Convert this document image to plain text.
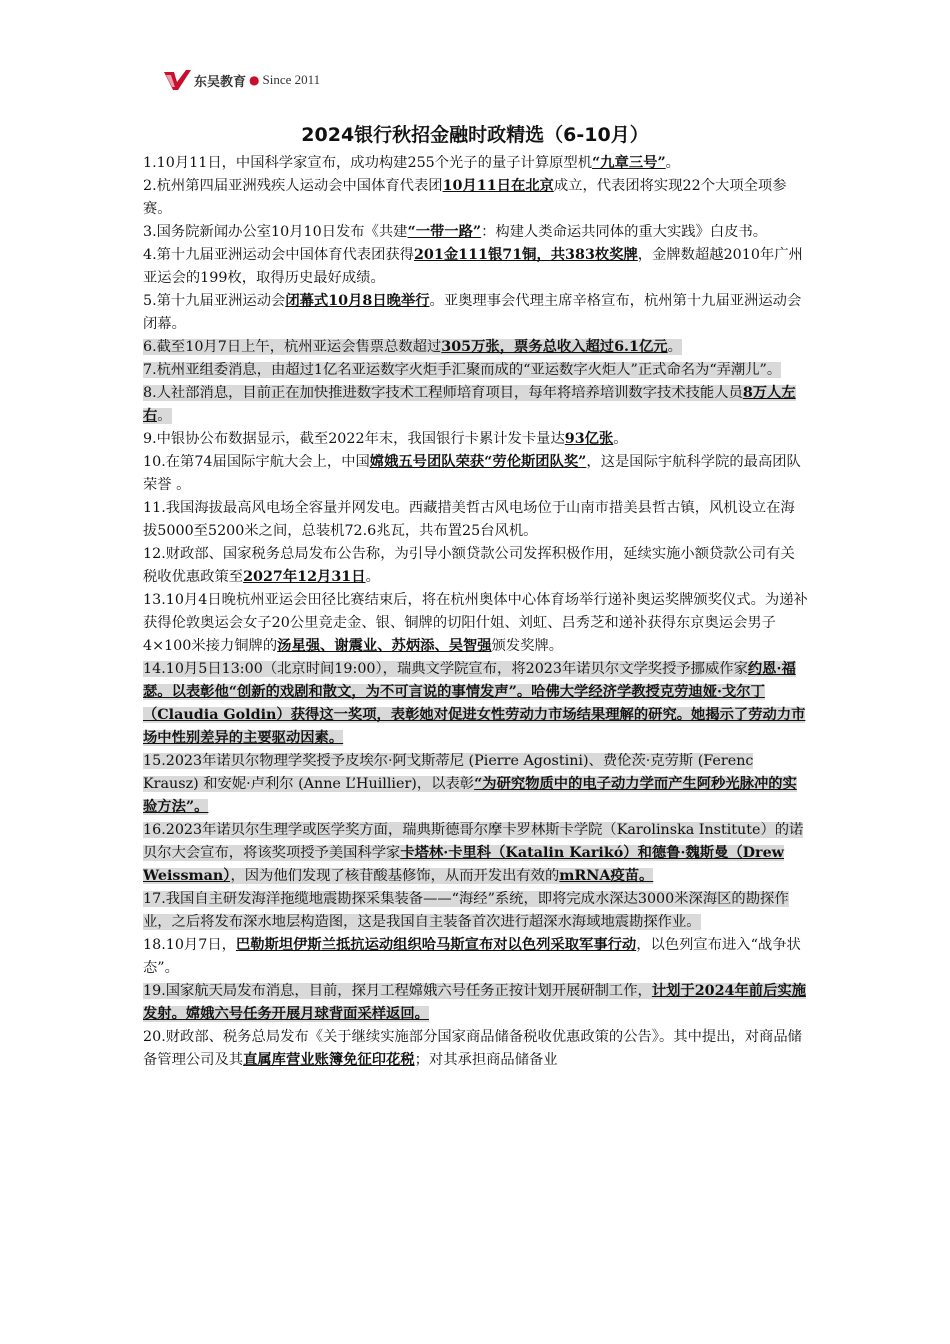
东吴教育 ● Since 2011
2024银行秋招金融时政精选（6-10月）
1.10月11日，中国科学家宣布，成功构建255个光子的量子计算原型机“九章三号”。
2.杭州第四届亚洲残疾人运动会中国体育代表团10月11日在北京成立，代表团将实现22个大项全项参赛。
3.国务院新闻办公室10月10日发布《共建“一带一路”：构建人类命运共同体的重大实践》白皮书。
4.第十九届亚洲运动会中国体育代表团获得201金111银71铜，共383枚奖牌，金牌数超越2010年广州亚运会的199枚，取得历史最好成绩。
5.第十九届亚洲运动会闭幕式10月8日晚举行。亚奥理事会代理主席辛格宣布，杭州第十九届亚洲运动会闭幕。
6.截至10月7日上午，杭州亚运会售票总数超过305万张，票务总收入超过6.1亿元。
7.杭州亚组委消息，由超过1亿名亚运数字火炬手汇聚而成的“亚运数字火炬人”正式命名为“弄潮儿”。
8.人社部消息，目前正在加快推进数字技术工程师培育项目，每年将培养培训数字技术技能人员8万人左右。
9.中银协公布数据显示，截至2022年末，我国银行卡累计发卡量达93亿张。
10.在第74届国际宇航大会上，中国嫦娥五号团队荣获“劳伦斯团队奖”，这是国际宇航科学院的最高团队荣誉 。
11.我国海拔最高风电场全容量并网发电。西藏措美哲古风电场位于山南市措美县哲古镇，风机设立在海拔5000至5200米之间，总装机72.6兆瓦，共布置25台风机。
12.财政部、国家税务总局发布公告称，为引导小额贷款公司发挥积极作用，延续实施小额贷款公司有关税收优惠政策至2027年12月31日。
13.10月4日晚杭州亚运会田径比赛结束后，将在杭州奥体中心体育场举行递补奥运奖牌颁奖仪式。为递补获得伦敦奥运会女子20公里竞走金、银、铜牌的切阳什姐、刘虹、吕秀芝和递补获得东京奥运会男子4×100米接力铜牌的汤星强、谢震业、苏炳添、吴智强颁发奖牌。
14.10月5日13:00（北京时间19:00），瑞典文学院宣布，将2023年诺贝尔文学奖授予挪威作家约恩·福瑟。以表彰他“创新的戏剧和散文，为不可言说的事情发声”。哈佛大学经济学教授克劳迪娅·戈尔丁（Claudia Goldin）获得这一奖项，表彰她对促进女性劳动力市场结果理解的研究。她揭示了劳动力市场中性别差异的主要驱动因素。
15.2023年诺贝尔物理学奖授予皮埃尔·阿戈斯蒂尼 (Pierre Agostini)、费伦茨·克劳斯 (Ferenc Krausz) 和安妮·卢利尔 (Anne L’Huillier)，以表彰“为研究物质中的电子动力学而产生阿秒光脉冲的实验方法”。
16.2023年诺贝尔生理学或医学奖方面，瑞典斯德哥尔摩卡罗林斯卡学院（Karolinska Institute）的诺贝尔大会宣布，将该奖项授予美国科学家卡塔林·卡里科（Katalin Karikó）和德鲁·魏斯曼（Drew Weissman），因为他们发现了核苷酸基修饰，从而开发出有效的mRNA疫苗。
17.我国自主研发海洋拖缆地震勘探采集装备——“海经”系统，即将完成水深达3000米深海区的勘探作业，之后将发布深水地层构造图，这是我国自主装备首次进行超深水海域地震勘探作业。
18.10月7日，巴勒斯坦伊斯兰抵抗运动组织哈马斯宣布对以色列采取军事行动，以色列宣布进入“战争状态”。
19.国家航天局发布消息，目前，探月工程嫦娥六号任务正按计划开展研制工作，计划于2024年前后实施发射。嫦娥六号任务开展月球背面采样返回。
20.财政部、税务总局发布《关于继续实施部分国家商品储备税收优惠政策的公告》。其中提出，对商品储备管理公司及其直属库营业账簿免征印花税；对其承担商品储备业
